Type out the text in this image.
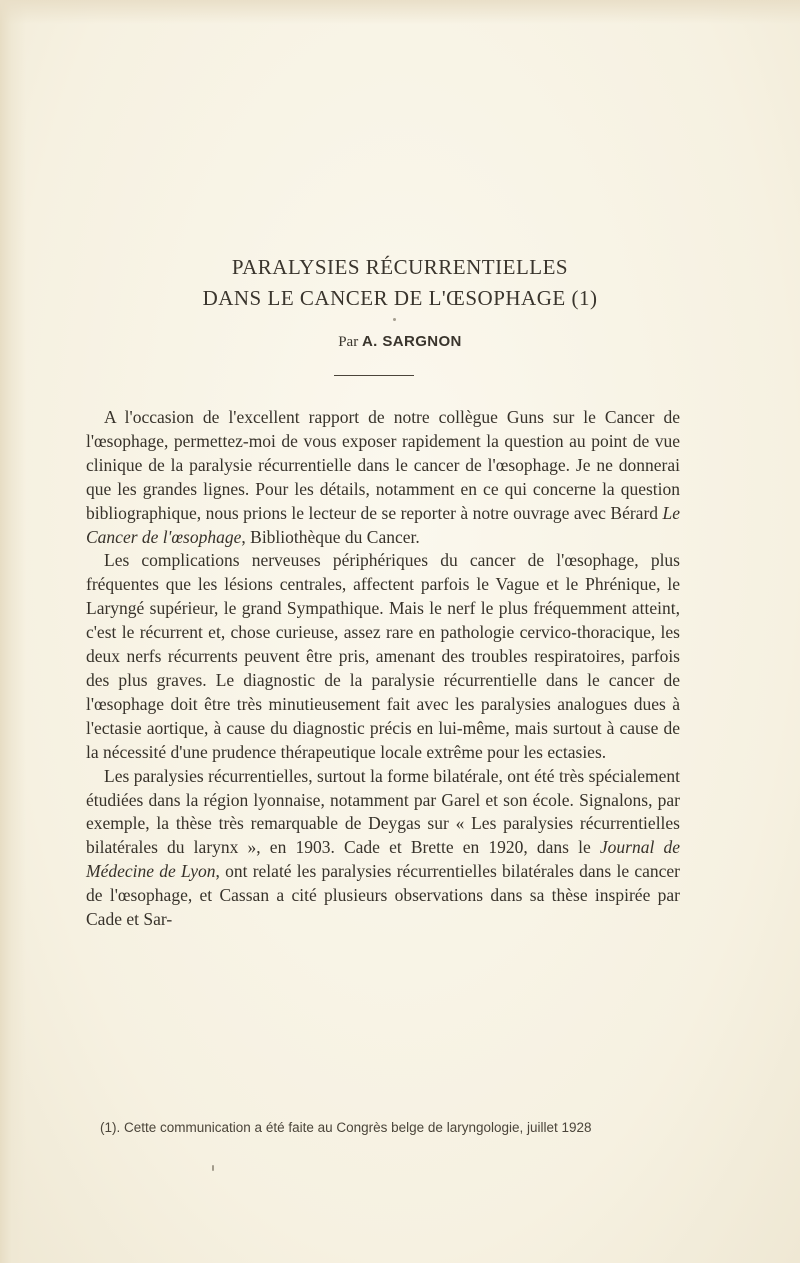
PARALYSIES RÉCURRENTIELLES
DANS LE CANCER DE L'ŒSOPHAGE (1)
Par A. SARGNON

A l'occasion de l'excellent rapport de notre collègue Guns sur le Cancer de l'œsophage, permettez-moi de vous exposer rapidement la question au point de vue clinique de la paralysie récurrentielle dans le cancer de l'œsophage. Je ne donnerai que les grandes lignes. Pour les détails, notamment en ce qui concerne la question bibliographique, nous prions le lecteur de se reporter à notre ouvrage avec Bérard Le Cancer de l'œsophage, Bibliothèque du Cancer.

Les complications nerveuses périphériques du cancer de l'œsophage, plus fréquentes que les lésions centrales, affectent parfois le Vague et le Phrénique, le Laryngé supérieur, le grand Sympathique. Mais le nerf le plus fréquemment atteint, c'est le récurrent et, chose curieuse, assez rare en pathologie cervico-thoracique, les deux nerfs récurrents peuvent être pris, amenant des troubles respiratoires, parfois des plus graves. Le diagnostic de la paralysie récurrentielle dans le cancer de l'œsophage doit être très minutieusement fait avec les paralysies analogues dues à l'ectasie aortique, à cause du diagnostic précis en lui-même, mais surtout à cause de la nécessité d'une prudence thérapeutique locale extrême pour les ectasies.

Les paralysies récurrentielles, surtout la forme bilatérale, ont été très spécialement étudiées dans la région lyonnaise, notamment par Garel et son école. Signalons, par exemple, la thèse très remarquable de Deygas sur « Les paralysies récurrentielles bilatérales du larynx », en 1903. Cade et Brette en 1920, dans le Journal de Médecine de Lyon, ont relaté les paralysies récurrentielles bilatérales dans le cancer de l'œsophage, et Cassan a cité plusieurs observations dans sa thèse inspirée par Cade et Sar-

(1). Cette communication a été faite au Congrès belge de laryngologie, juillet 1928
